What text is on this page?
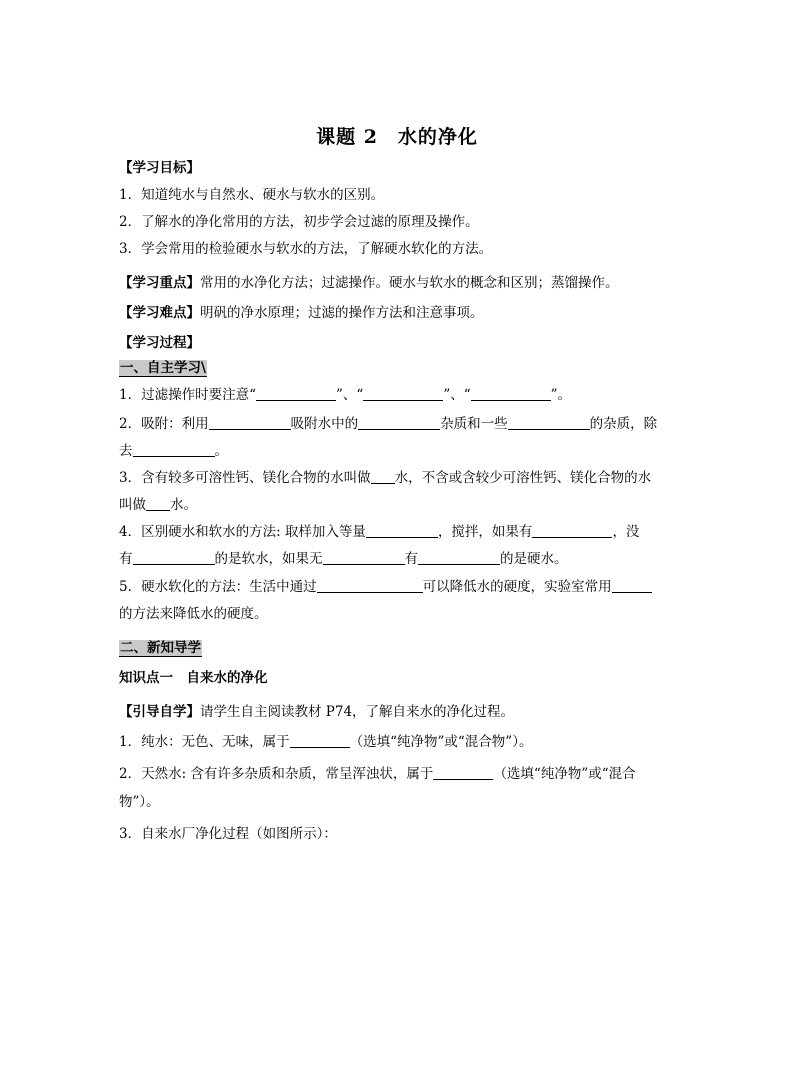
课题 2　水的净化
【学习目标】
1．知道纯水与自然水、硬水与软水的区别。
2．了解水的净化常用的方法，初步学会过滤的原理及操作。
3．学会常用的检验硬水与软水的方法，了解硬水软化的方法。
【学习重点】常用的水净化方法；过滤操作。硬水与软水的概念和区别；蒸馏操作。
【学习难点】明矾的净水原理；过滤的操作方法和注意事项。
【学习过程】
一、自主学习\
1．过滤操作时要注意“	”、“	”、“	”。
2．吸附：利用	吸附水中的	杂质和一些	的杂质，除
去	。
3．含有较多可溶性钙、镁化合物的水叫做 水，不含或含较少可溶性钙、镁化合物的水
叫做 水。
4．区别硬水和软水的方法: 取样加入等量	，搅拌，如果有	，没
有	的是软水，如果无	有	的是硬水。
5．硬水软化的方法：生活中通过	可以降低水的硬度，实验室常用
的方法来降低水的硬度。
二、新知导学
知识点一　自来水的净化
【引导自学】请学生自主阅读教材 P74，了解自来水的净化过程。
1．纯水：无色、无味，属于	（选填“纯净物”或“混合物”）。
2．天然水: 含有许多杂质和杂质，常呈浑浊状，属于	（选填“纯净物”或“混合
物”）。
3．自来水厂净化过程（如图所示）：
